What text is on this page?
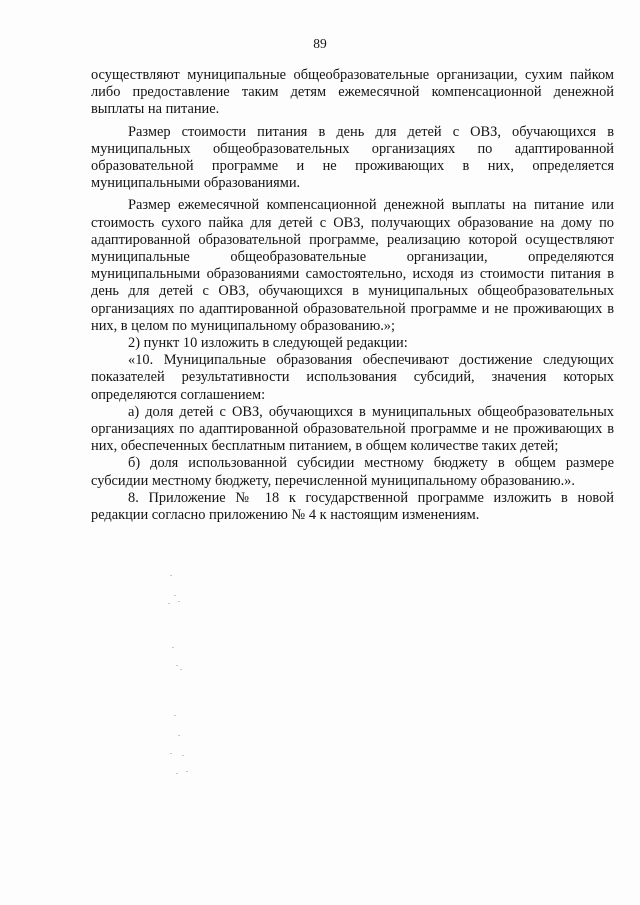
89

осуществляют муниципальные общеобразовательные организации, сухим пайком либо предоставление таким детям ежемесячной компенсационной денежной выплаты на питание.

Размер стоимости питания в день для детей с ОВЗ, обучающихся в муниципальных общеобразовательных организациях по адаптированной образовательной программе и не проживающих в них, определяется муниципальными образованиями.

Размер ежемесячной компенсационной денежной выплаты на питание или стоимость сухого пайка для детей с ОВЗ, получающих образование на дому по адаптированной образовательной программе, реализацию которой осуществляют муниципальные общеобразовательные организации, определяются муниципальными образованиями самостоятельно, исходя из стоимости питания в день для детей с ОВЗ, обучающихся в муниципальных общеобразовательных организациях по адаптированной образовательной программе и не проживающих в них, в целом по муниципальному образованию.»;

2) пункт 10 изложить в следующей редакции:

«10. Муниципальные образования обеспечивают достижение следующих показателей результативности использования субсидий, значения которых определяются соглашением:

а) доля детей с ОВЗ, обучающихся в муниципальных общеобразовательных организациях по адаптированной образовательной программе и не проживающих в них, обеспеченных бесплатным питанием, в общем количестве таких детей;

б) доля использованной субсидии местному бюджету в общем размере субсидии местному бюджету, перечисленной муниципальному образованию.».

8. Приложение № 18 к государственной программе изложить в новой редакции согласно приложению № 4 к настоящим изменениям.
